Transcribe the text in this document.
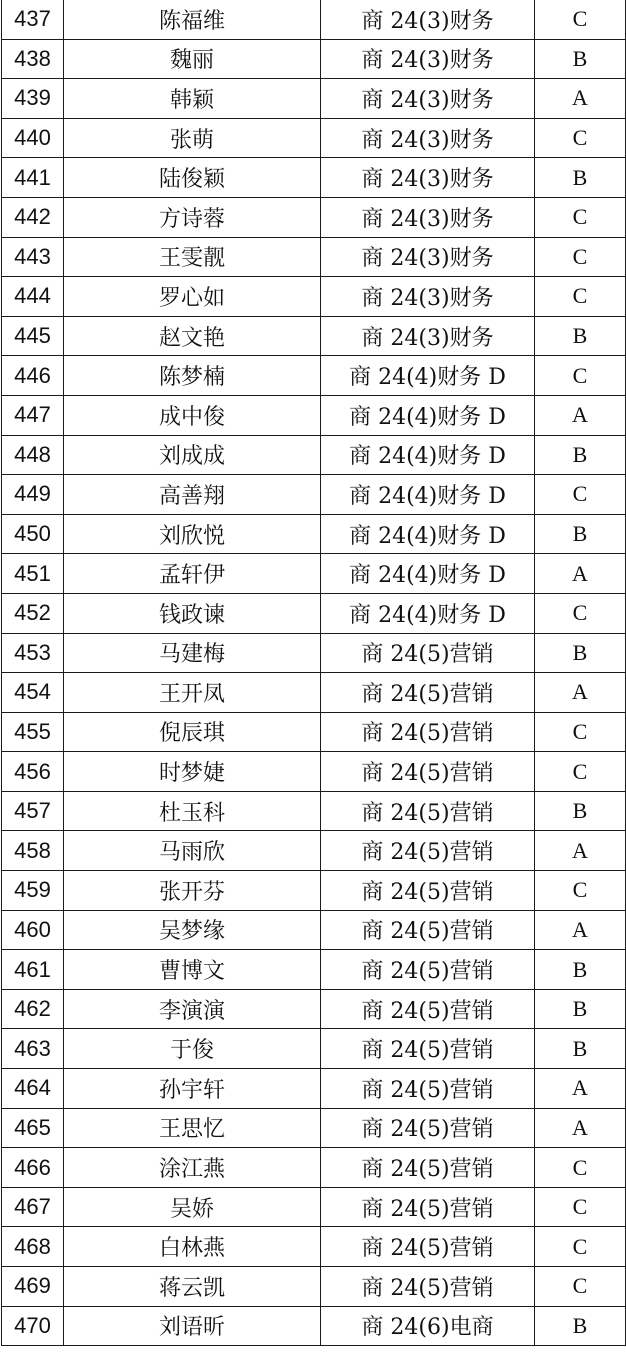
437	陈福维	商 24(3)财务	C
438	魏丽	商 24(3)财务	B
439	韩颖	商 24(3)财务	A
440	张萌	商 24(3)财务	C
441	陆俊颖	商 24(3)财务	B
442	方诗蓉	商 24(3)财务	C
443	王雯靓	商 24(3)财务	C
444	罗心如	商 24(3)财务	C
445	赵文艳	商 24(3)财务	B
446	陈梦楠	商 24(4)财务 D	C
447	成中俊	商 24(4)财务 D	A
448	刘成成	商 24(4)财务 D	B
449	高善翔	商 24(4)财务 D	C
450	刘欣悦	商 24(4)财务 D	B
451	孟轩伊	商 24(4)财务 D	A
452	钱政谏	商 24(4)财务 D	C
453	马建梅	商 24(5)营销	B
454	王开凤	商 24(5)营销	A
455	倪辰琪	商 24(5)营销	C
456	时梦婕	商 24(5)营销	C
457	杜玉科	商 24(5)营销	B
458	马雨欣	商 24(5)营销	A
459	张开芬	商 24(5)营销	C
460	吴梦缘	商 24(5)营销	A
461	曹博文	商 24(5)营销	B
462	李演演	商 24(5)营销	B
463	于俊	商 24(5)营销	B
464	孙宇轩	商 24(5)营销	A
465	王思忆	商 24(5)营销	A
466	涂江燕	商 24(5)营销	C
467	吴娇	商 24(5)营销	C
468	白林燕	商 24(5)营销	C
469	蒋云凯	商 24(5)营销	C
470	刘语昕	商 24(6)电商	B
